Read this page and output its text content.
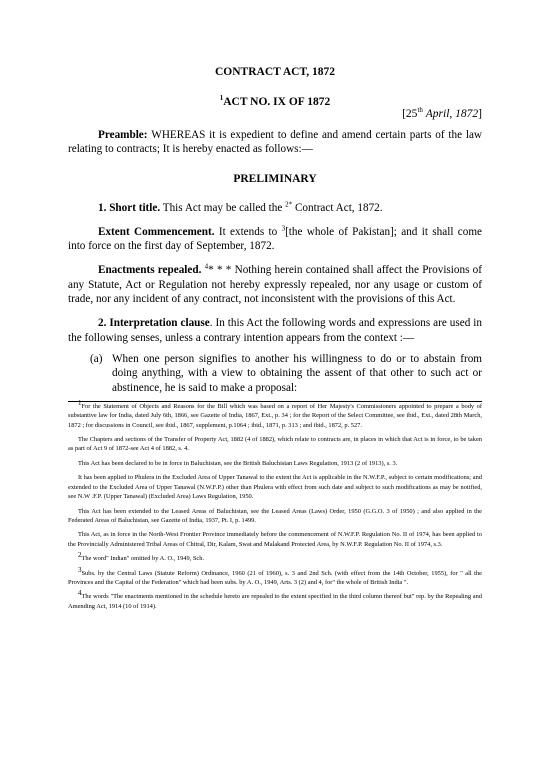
CONTRACT ACT, 1872

$^1$ACT NO. IX OF 1872

[25th April, 1872]

Preamble: WHEREAS it is expedient to define and amend certain parts of the law relating to contracts; It is hereby enacted as follows:—

PRELIMINARY

1. Short title. This Act may be called the $^{2*}$ Contract Act, 1872.

Extent Commencement. It extends to $^3$[the whole of Pakistan]; and it shall come into force on the first day of September, 1872.

Enactments repealed. $^4$* * * Nothing herein contained shall affect the Provisions of any Statute, Act or Regulation not hereby expressly repealed, nor any usage or custom of trade, nor any incident of any contract, not inconsistent with the provisions of this Act.

2. Interpretation clause. In this Act the following words and expressions are used in the following senses, unless a contrary intention appears from the context :—

(a) When one person signifies to another his willingness to do or to abstain from doing anything, with a view to obtaining the assent of that other to such act or abstinence, he is said to make a proposal:

$^1$For the Statement of Objects and Reasons for the Bill which was based on a report of Her Majesty's Commissioners appointed to prepare a body of substantive law for India, dated July 6th, 1866, see Gazette of India, 1867, Ext., p. 34 ; for the Report of the Select Committee, see ibid., Ext., dated 28th March, 1872 ; for discussions in Council, see ibid., 1867, supplement, p.1064 ; ibid., 1871, p. 313 ; and ibid., 1872, p. 527.

The Chapters and sections of the Transfer of Property Act, 1882 (4 of 1882), which relate to contracts are, in places in which that Act is in force, to be taken as part of Act 9 of 1872-see Act 4 of 1882, s. 4.

This Act has been declared to be in force in Baluchistan, see the British Baluchistan Laws Regulation, 1913 (2 of 1913), s. 3.

It has been applied to Phulera in the Excluded Area of Upper Tanawal to the extent the Act is applicable in the N.W.F.P., subject to certain modifications; and extended to the Excluded Area of Upper Tanawal (N.W.F.P.) other than Phulera with effect from such date and subject to such modifications as may be notified, see N.W .F.P. (Upper Tanawal) (Excluded Area) Laws Regulation, 1950.

This Act has been extended to the Leased Areas of Baluchistan, see the Leased Areas (Laws) Order, 1950 (G.G.O. 3 of 1950) ; and also applied in the Federated Areas of Baluchistan, see Gazette of India, 1937, Pt. I, p. 1499.

This Act, as in force in the North-West Frontier Province immediately before the commencement of N.W.F.P. Regulation No. II of 1974, has been applied to the Provincially Administered Tribal Areas of Chitral, Dir, Kalam, Swat and Malakand Protected Area, by N.W.F.P. Regulation No. II of 1974, s.3.

$^2$The word" Indian" omitted by A. O., 1949, Sch.

$^3$Subs. by the Central Laws (Statute Reform) Ordinance, 1960 (21 of 1960), s. 3 and 2nd Sch. (with effect from the 14th October, 1955), for " all the Provinces and the Capital of the Federation" which had been subs. by A. O., 1949, Arts. 3 (2) and 4, for" the whole of British India ".

$^4$The words "The enactments mentioned in the schedule hereto are repealed to the extent specified in the third column thereof but" rep. by the Repealing and Amending Act, 1914 (10 of 1914).
